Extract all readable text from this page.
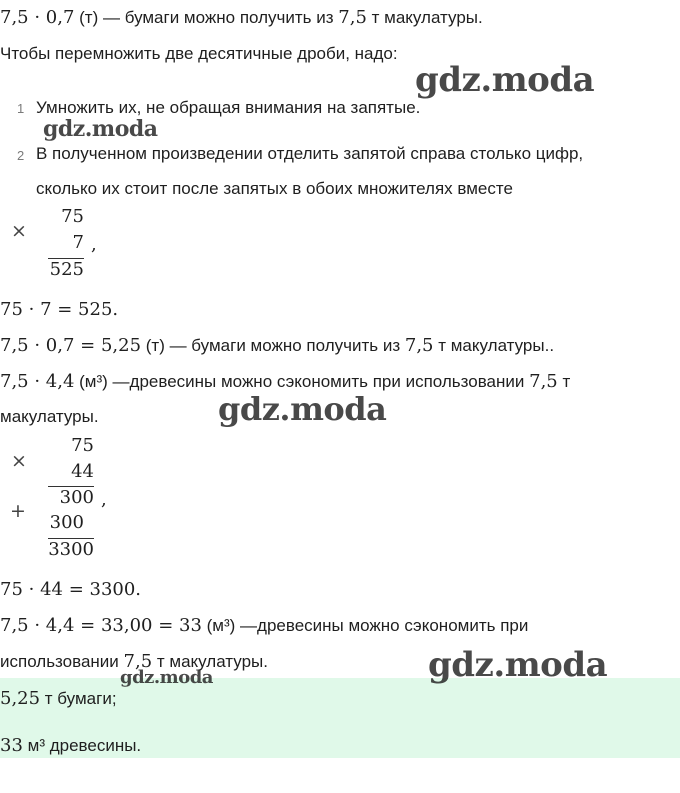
7,5 · 0,7 (т) — бумаги можно получить из 7,5 т макулатуры.
Чтобы перемножить две десятичные дроби, надо:
1 Умножить их, не обращая внимания на запятые.
2 В полученном произведении отделить запятой справа столько цифр,
сколько их стоит после запятых в обоих множителях вместе
×
75
7
525
,
75 · 7 = 525.
7,5 · 0,7 = 5,25 (т) — бумаги можно получить из 7,5 т макулатуры..
7,5 · 4,4 (м³) —древесины можно сэкономить при использовании 7,5 т
макулатуры.
×
+
75
44
300
300
3300
,
75 · 44 = 3300.
7,5 · 4,4 = 33,00 = 33 (м³) —древесины можно сэкономить при
использовании 7,5 т макулатуры.
5,25 т бумаги;
33 м³ древесины.
gdz.moda
gdz.moda
gdz.moda
gdz.moda
gdz.moda
